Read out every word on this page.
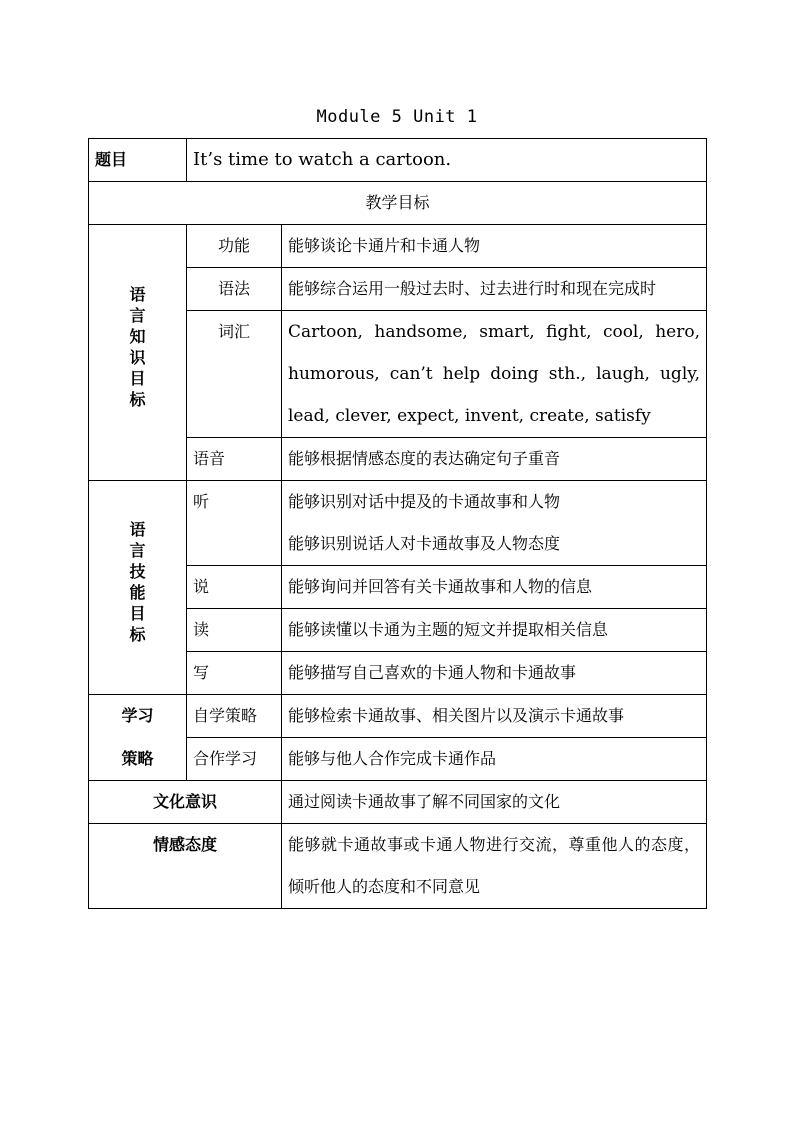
Module 5 Unit 1
题目	It’s time to watch a cartoon.	
教学目标		
语言知识目标	功能	能够谈论卡通片和卡通人物
	语法	能够综合运用一般过去时、过去进行时和现在完成时
	词汇	Cartoon, handsome, smart, fight, cool, hero, humorous, can’t help doing sth., laugh, ugly, lead, clever, expect, invent, create, satisfy
	语音	能够根据情感态度的表达确定句子重音
语言技能目标	听	能够识别对话中提及的卡通故事和人物
能够识别说话人对卡通故事及人物态度

	说	能够询问并回答有关卡通故事和人物的信息
	读	能够读懂以卡通为主题的短文并提取相关信息
	写	能够描写自己喜欢的卡通人物和卡通故事
学习	自学策略	能够检索卡通故事、相关图片以及演示卡通故事
策略	合作学习	能够与他人合作完成卡通作品
文化意识		通过阅读卡通故事了解不同国家的文化
情感态度		能够就卡通故事或卡通人物进行交流，尊重他人的态度，倾听他人的态度和不同意见
